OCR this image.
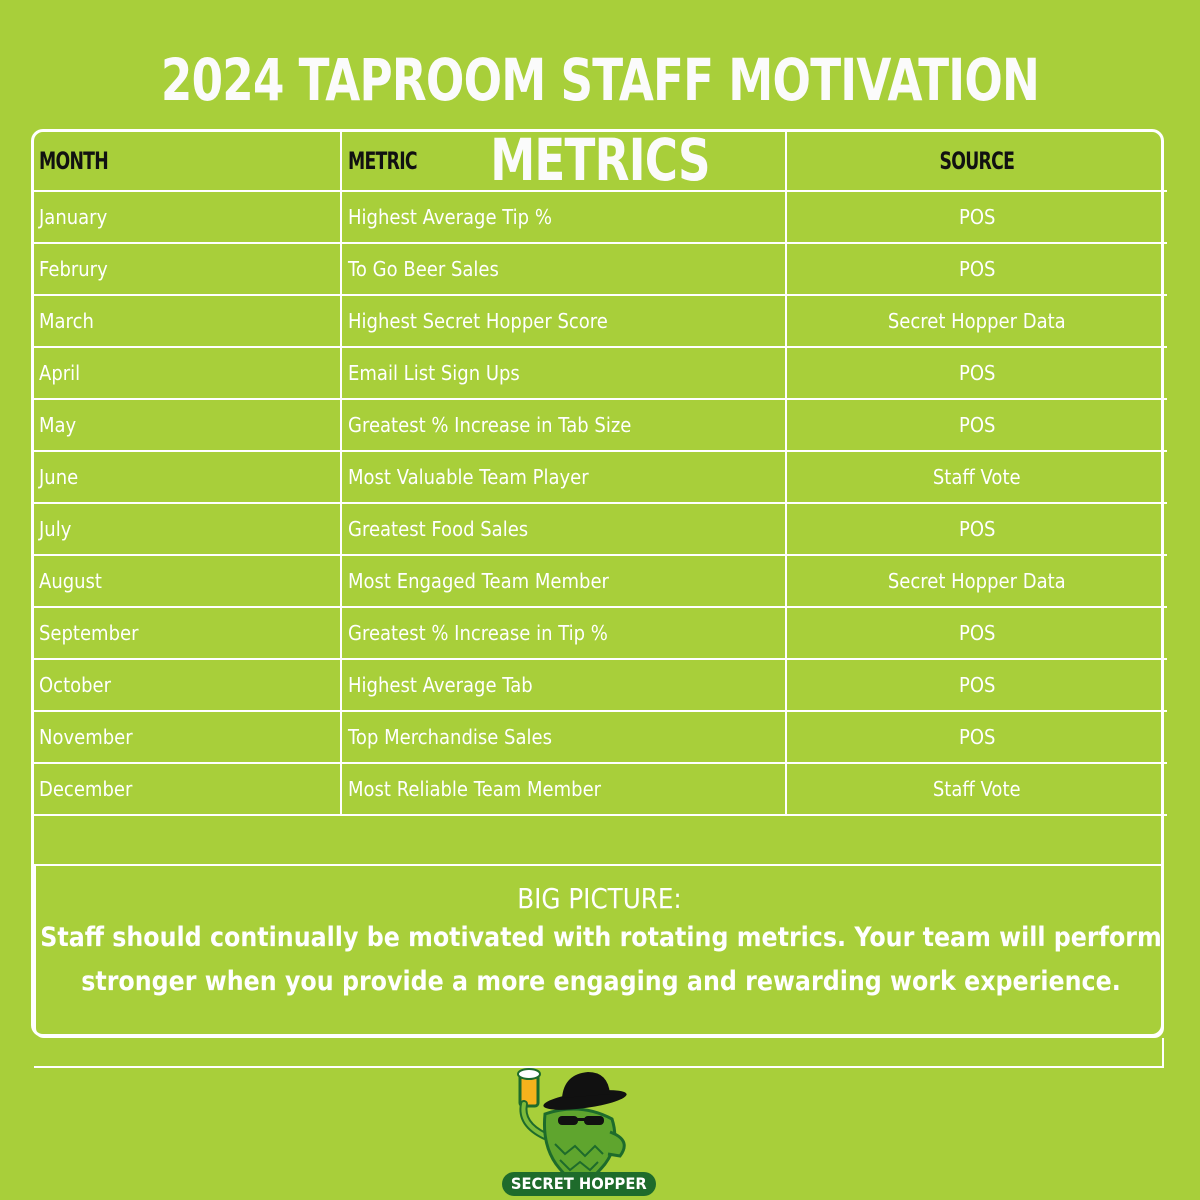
2024 TAPROOM STAFF MOTIVATION METRICS
MONTH	METRIC	SOURCE
January	Highest Average Tip %	POS
Februry	To Go Beer Sales	POS
March	Highest Secret Hopper Score	Secret Hopper Data
April	Email List Sign Ups	POS
May	Greatest % Increase in Tab Size	POS
June	Most Valuable Team Player	Staff Vote
July	Greatest Food Sales	POS
August	Most Engaged Team Member	Secret Hopper Data
September	Greatest % Increase in Tip %	POS
October	Highest Average Tab	POS
November	Top Merchandise Sales	POS
December	Most Reliable Team Member	Staff Vote
BIG PICTURE:
Staff should continually be motivated with rotating metrics. Your team will perform
stronger when you provide a more engaging and rewarding work experience.
SECRET HOPPER
